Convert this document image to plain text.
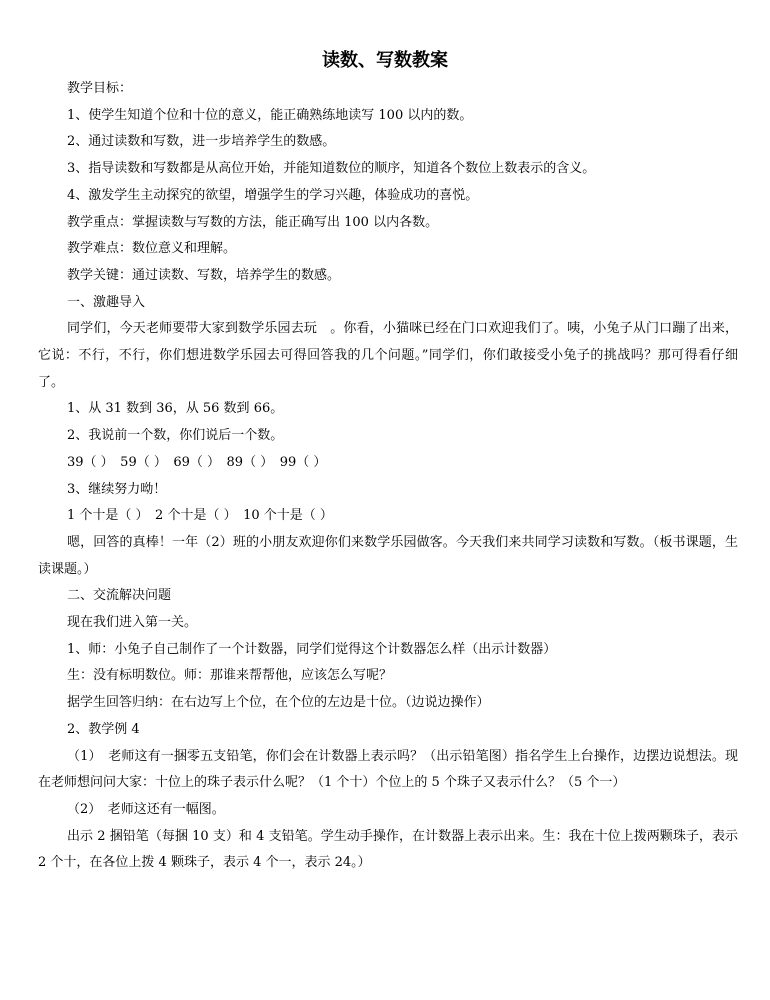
读数、写数教案

教学目标：

1、使学生知道个位和十位的意义，能正确熟练地读写 100 以内的数。

2、通过读数和写数，进一步培养学生的数感。

3、指导读数和写数都是从高位开始，并能知道数位的顺序，知道各个数位上数表示的含义。

4、激发学生主动探究的欲望，增强学生的学习兴趣，体验成功的喜悦。

教学重点：掌握读数与写数的方法，能正确写出 100 以内各数。

教学难点：数位意义和理解。

教学关键：通过读数、写数，培养学生的数感。

一、激趣导入

同学们，今天老师要带大家到数学乐园去玩　。你看，小猫咪已经在门口欢迎我们了。咦，小兔子从门口蹦了出来，它说：不行，不行，你们想进数学乐园去可得回答我的几个问题。”同学们，你们敢接受小兔子的挑战吗？那可得看仔细了。

1、从 31 数到 36，从 56 数到 66。

2、我说前一个数，你们说后一个数。

39（ ）　59（ ）　69（ ）　89（ ）　99（ ）

3、继续努力呦！

1 个十是（ ）　2 个十是（ ）　10 个十是（ ）

嗯，回答的真棒！一年（2）班的小朋友欢迎你们来数学乐园做客。今天我们来共同学习读数和写数。（板书课题，生读课题。）

二、交流解决问题

现在我们进入第一关。

1、师：小兔子自己制作了一个计数器，同学们觉得这个计数器怎么样（出示计数器）

生：没有标明数位。师：那谁来帮帮他，应该怎么写呢？

据学生回答归纳：在右边写上个位，在个位的左边是十位。（边说边操作）

2、教学例 4

（1）　老师这有一捆零五支铅笔，你们会在计数器上表示吗？（出示铅笔图）指名学生上台操作，边摆边说想法。现在老师想问问大家：十位上的珠子表示什么呢？（1 个十）个位上的 5 个珠子又表示什么？（5 个一）

（2）　老师这还有一幅图。

出示 2 捆铅笔（每捆 10 支）和 4 支铅笔。学生动手操作，在计数器上表示出来。生：我在十位上拨两颗珠子，表示 2 个十，在各位上拨 4 颗珠子，表示 4 个一，表示 24。）
